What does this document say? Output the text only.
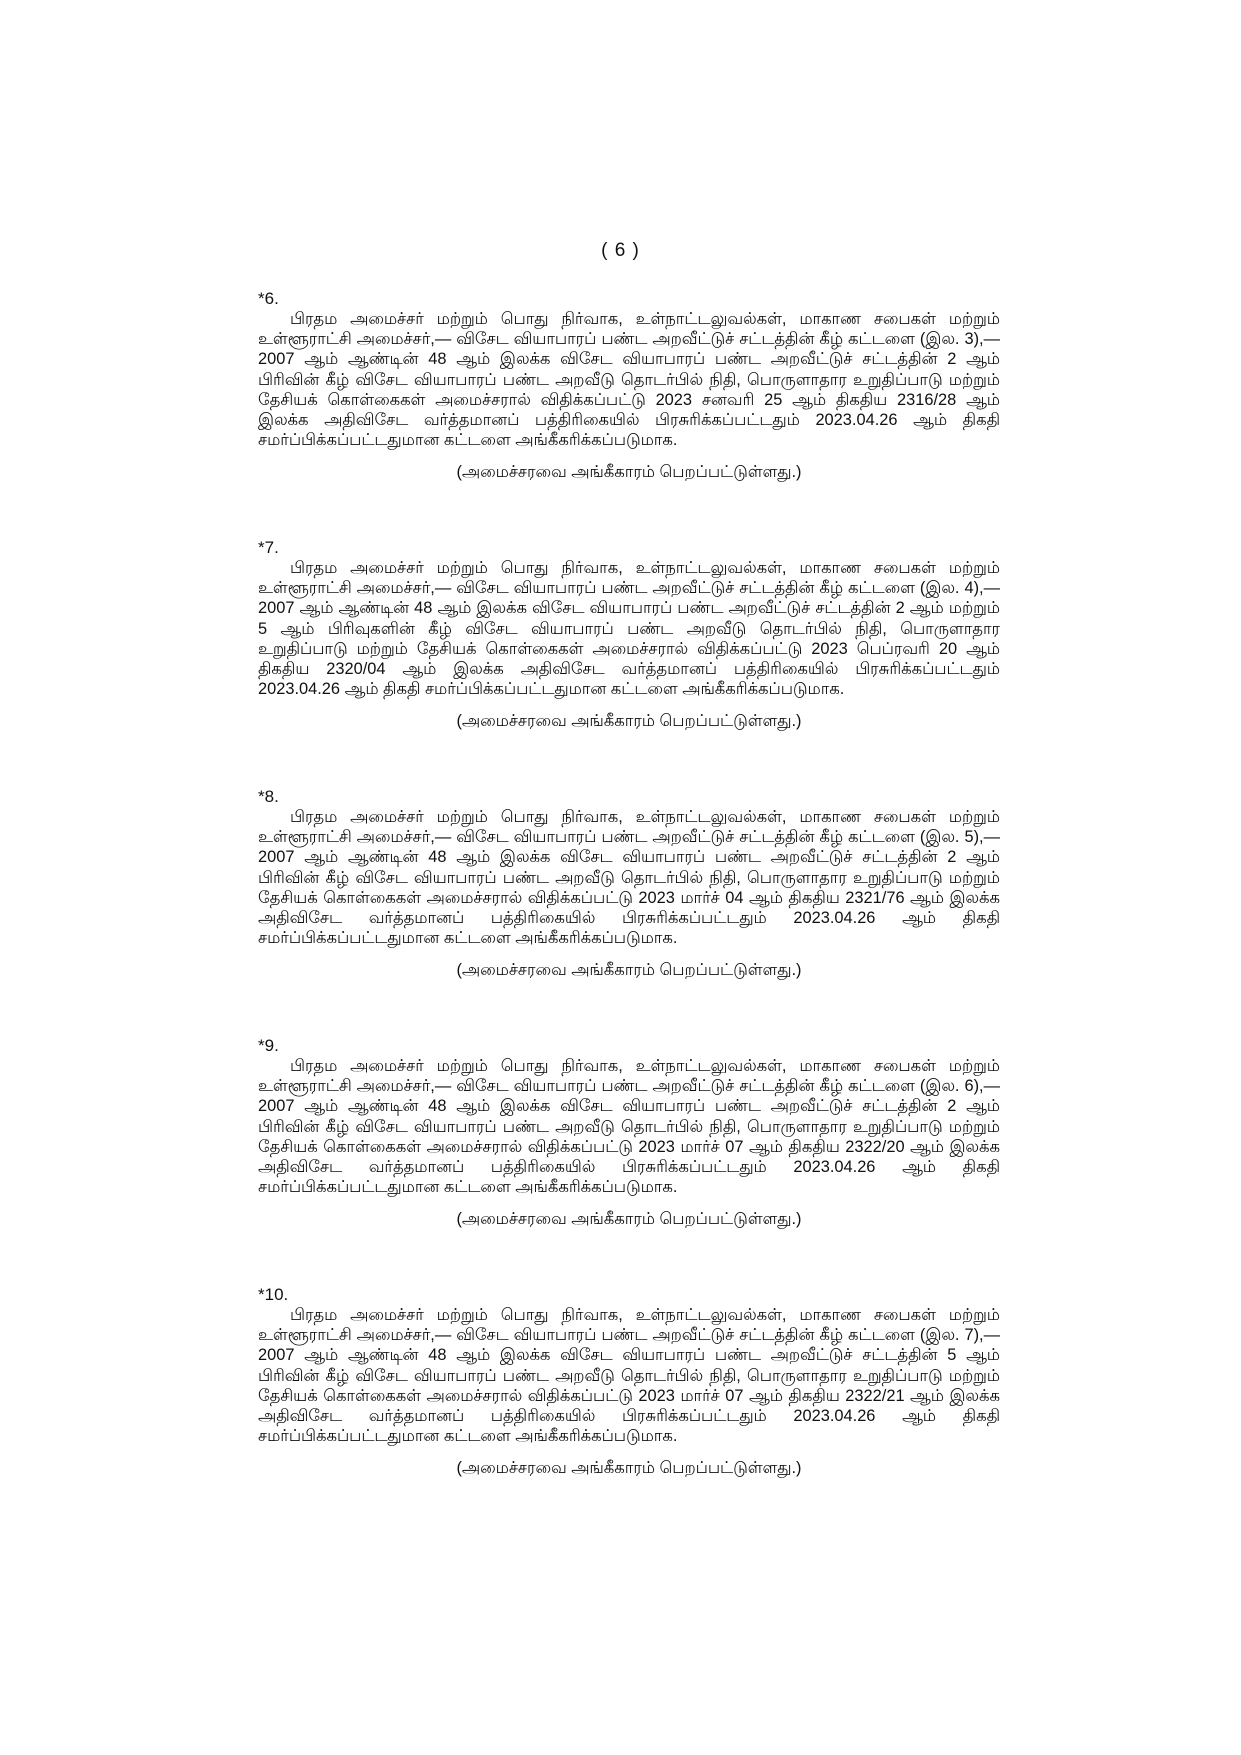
( 6 )
*6.

பிரதம அமைச்சர் மற்றும் பொது நிர்வாக, உள்நாட்டலுவல்கள், மாகாண சபைகள் மற்றும் உள்ளூராட்சி அமைச்சர்,— விசேட வியாபாரப் பண்ட அறவீட்டுச் சட்டத்தின் கீழ் கட்டளை (இல. 3),— 2007 ஆம் ஆண்டின் 48 ஆம் இலக்க விசேட வியாபாரப் பண்ட அறவீட்டுச் சட்டத்தின் 2 ஆம் பிரிவின் கீழ் விசேட வியாபாரப் பண்ட அறவீடு தொடர்பில் நிதி, பொருளாதார உறுதிப்பாடு மற்றும் தேசியக் கொள்கைகள் அமைச்சரால் விதிக்கப்பட்டு 2023 சனவரி 25 ஆம் திகதிய 2316/28 ஆம் இலக்க அதிவிசேட வர்த்தமானப் பத்திரிகையில் பிரசுரிக்கப்பட்டதும் 2023.04.26 ஆம் திகதி சமர்ப்பிக்கப்பட்டதுமான கட்டளை அங்கீகரிக்கப்படுமாக.

(அமைச்சரவை அங்கீகாரம் பெறப்பட்டுள்ளது.)
*7.

பிரதம அமைச்சர் மற்றும் பொது நிர்வாக, உள்நாட்டலுவல்கள், மாகாண சபைகள் மற்றும் உள்ளூராட்சி அமைச்சர்,— விசேட வியாபாரப் பண்ட அறவீட்டுச் சட்டத்தின் கீழ் கட்டளை (இல. 4),— 2007 ஆம் ஆண்டின் 48 ஆம் இலக்க விசேட வியாபாரப் பண்ட அறவீட்டுச் சட்டத்தின் 2 ஆம் மற்றும் 5 ஆம் பிரிவுகளின் கீழ் விசேட வியாபாரப் பண்ட அறவீடு தொடர்பில் நிதி, பொருளாதார உறுதிப்பாடு மற்றும் தேசியக் கொள்கைகள் அமைச்சரால் விதிக்கப்பட்டு 2023 பெப்ரவரி 20 ஆம் திகதிய 2320/04 ஆம் இலக்க அதிவிசேட வர்த்தமானப் பத்திரிகையில் பிரசுரிக்கப்பட்டதும் 2023.04.26 ஆம் திகதி சமர்ப்பிக்கப்பட்டதுமான கட்டளை அங்கீகரிக்கப்படுமாக.

(அமைச்சரவை அங்கீகாரம் பெறப்பட்டுள்ளது.)
*8.

பிரதம அமைச்சர் மற்றும் பொது நிர்வாக, உள்நாட்டலுவல்கள், மாகாண சபைகள் மற்றும் உள்ளூராட்சி அமைச்சர்,— விசேட வியாபாரப் பண்ட அறவீட்டுச் சட்டத்தின் கீழ் கட்டளை (இல. 5),— 2007 ஆம் ஆண்டின் 48 ஆம் இலக்க விசேட வியாபாரப் பண்ட அறவீட்டுச் சட்டத்தின் 2 ஆம் பிரிவின் கீழ் விசேட வியாபாரப் பண்ட அறவீடு தொடர்பில் நிதி, பொருளாதார உறுதிப்பாடு மற்றும் தேசியக் கொள்கைகள் அமைச்சரால் விதிக்கப்பட்டு 2023 மார்ச் 04 ஆம் திகதிய 2321/76 ஆம் இலக்க அதிவிசேட வர்த்தமானப் பத்திரிகையில் பிரசுரிக்கப்பட்டதும் 2023.04.26 ஆம் திகதி சமர்ப்பிக்கப்பட்டதுமான கட்டளை அங்கீகரிக்கப்படுமாக.

(அமைச்சரவை அங்கீகாரம் பெறப்பட்டுள்ளது.)
*9.

பிரதம அமைச்சர் மற்றும் பொது நிர்வாக, உள்நாட்டலுவல்கள், மாகாண சபைகள் மற்றும் உள்ளூராட்சி அமைச்சர்,— விசேட வியாபாரப் பண்ட அறவீட்டுச் சட்டத்தின் கீழ் கட்டளை (இல. 6),— 2007 ஆம் ஆண்டின் 48 ஆம் இலக்க விசேட வியாபாரப் பண்ட அறவீட்டுச் சட்டத்தின் 2 ஆம் பிரிவின் கீழ் விசேட வியாபாரப் பண்ட அறவீடு தொடர்பில் நிதி, பொருளாதார உறுதிப்பாடு மற்றும் தேசியக் கொள்கைகள் அமைச்சரால் விதிக்கப்பட்டு 2023 மார்ச் 07 ஆம் திகதிய 2322/20 ஆம் இலக்க அதிவிசேட வர்த்தமானப் பத்திரிகையில் பிரசுரிக்கப்பட்டதும் 2023.04.26 ஆம் திகதி சமர்ப்பிக்கப்பட்டதுமான கட்டளை அங்கீகரிக்கப்படுமாக.

(அமைச்சரவை அங்கீகாரம் பெறப்பட்டுள்ளது.)
*10.

பிரதம அமைச்சர் மற்றும் பொது நிர்வாக, உள்நாட்டலுவல்கள், மாகாண சபைகள் மற்றும் உள்ளூராட்சி அமைச்சர்,— விசேட வியாபாரப் பண்ட அறவீட்டுச் சட்டத்தின் கீழ் கட்டளை (இல. 7),— 2007 ஆம் ஆண்டின் 48 ஆம் இலக்க விசேட வியாபாரப் பண்ட அறவீட்டுச் சட்டத்தின் 5 ஆம் பிரிவின் கீழ் விசேட வியாபாரப் பண்ட அறவீடு தொடர்பில் நிதி, பொருளாதார உறுதிப்பாடு மற்றும் தேசியக் கொள்கைகள் அமைச்சரால் விதிக்கப்பட்டு 2023 மார்ச் 07 ஆம் திகதிய 2322/21 ஆம் இலக்க அதிவிசேட வர்த்தமானப் பத்திரிகையில் பிரசுரிக்கப்பட்டதும் 2023.04.26 ஆம் திகதி சமர்ப்பிக்கப்பட்டதுமான கட்டளை அங்கீகரிக்கப்படுமாக.

(அமைச்சரவை அங்கீகாரம் பெறப்பட்டுள்ளது.)
